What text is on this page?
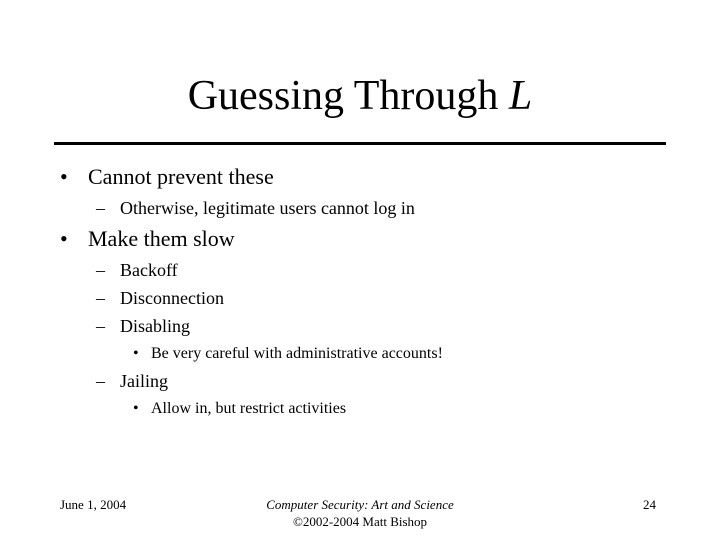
Guessing Through L
• Cannot prevent these
– Otherwise, legitimate users cannot log in
• Make them slow
– Backoff
– Disconnection
– Disabling
• Be very careful with administrative accounts!
– Jailing
• Allow in, but restrict activities
June 1, 2004	Computer Security: Art and Science
©2002-2004 Matt Bishop
24
